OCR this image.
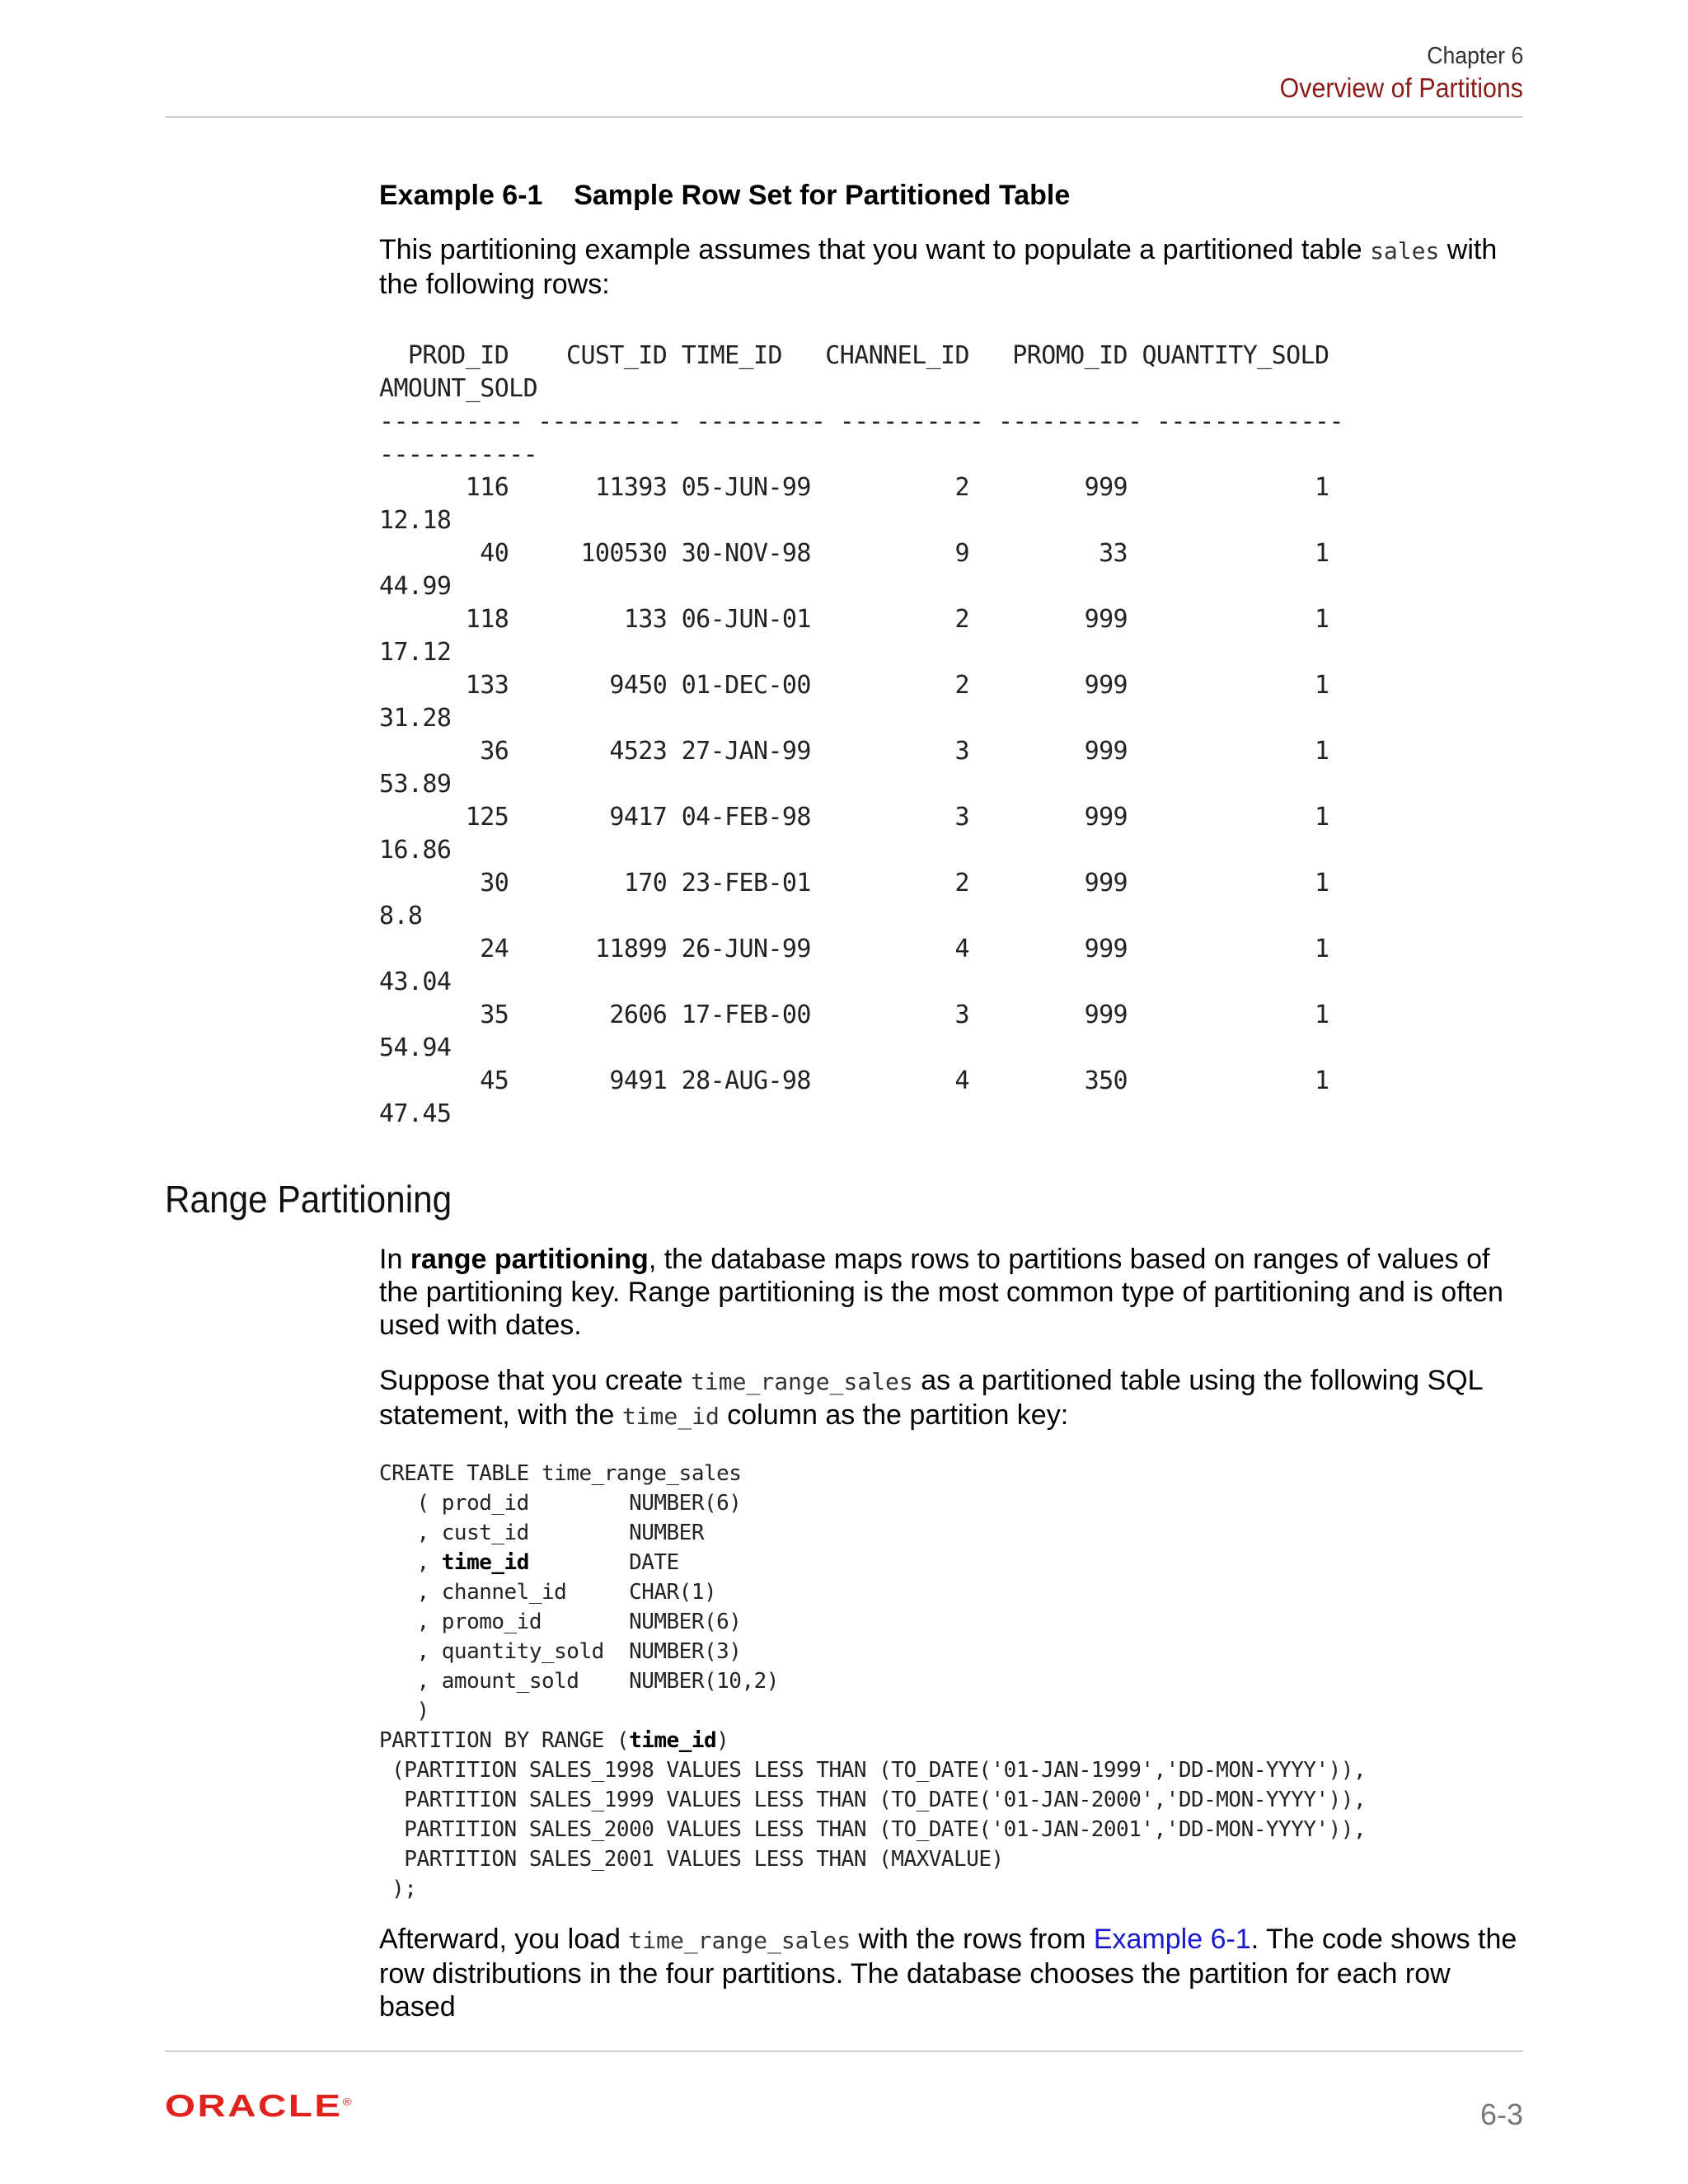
Chapter 6
Overview of Partitions
Example 6-1    Sample Row Set for Partitioned Table

This partitioning example assumes that you want to populate a partitioned table sales with the following rows:

PROD_ID    CUST_ID TIME_ID   CHANNEL_ID   PROMO_ID QUANTITY_SOLD
AMOUNT_SOLD
---------- ---------- --------- ---------- ---------- -------------
-----------
116      11393 05-JUN-99          2        999             1
12.18
40     100530 30-NOV-98          9         33             1
44.99
118        133 06-JUN-01          2        999             1
17.12
133       9450 01-DEC-00          2        999             1
31.28
36       4523 27-JAN-99          3        999             1
53.89
125       9417 04-FEB-98          3        999             1
16.86
30        170 23-FEB-01          2        999             1
8.8
24      11899 26-JUN-99          4        999             1
43.04
35       2606 17-FEB-00          3        999             1
54.94
45       9491 28-AUG-98          4        350             1
47.45
Range Partitioning

In range partitioning, the database maps rows to partitions based on ranges of values of the partitioning key. Range partitioning is the most common type of partitioning and is often used with dates.

Suppose that you create time_range_sales as a partitioned table using the following SQL statement, with the time_id column as the partition key:

CREATE TABLE time_range_sales
( prod_id        NUMBER(6)
, cust_id        NUMBER
, time_id        DATE
, channel_id     CHAR(1)
, promo_id       NUMBER(6)
, quantity_sold  NUMBER(3)
, amount_sold    NUMBER(10,2)
)
PARTITION BY RANGE (time_id)
(PARTITION SALES_1998 VALUES LESS THAN (TO_DATE('01-JAN-1999','DD-MON-YYYY')),
PARTITION SALES_1999 VALUES LESS THAN (TO_DATE('01-JAN-2000','DD-MON-YYYY')),
PARTITION SALES_2000 VALUES LESS THAN (TO_DATE('01-JAN-2001','DD-MON-YYYY')),
PARTITION SALES_2001 VALUES LESS THAN (MAXVALUE)
);

Afterward, you load time_range_sales with the rows from Example 6-1. The code shows the row distributions in the four partitions. The database chooses the partition for each row based

ORACLE®	6-3
